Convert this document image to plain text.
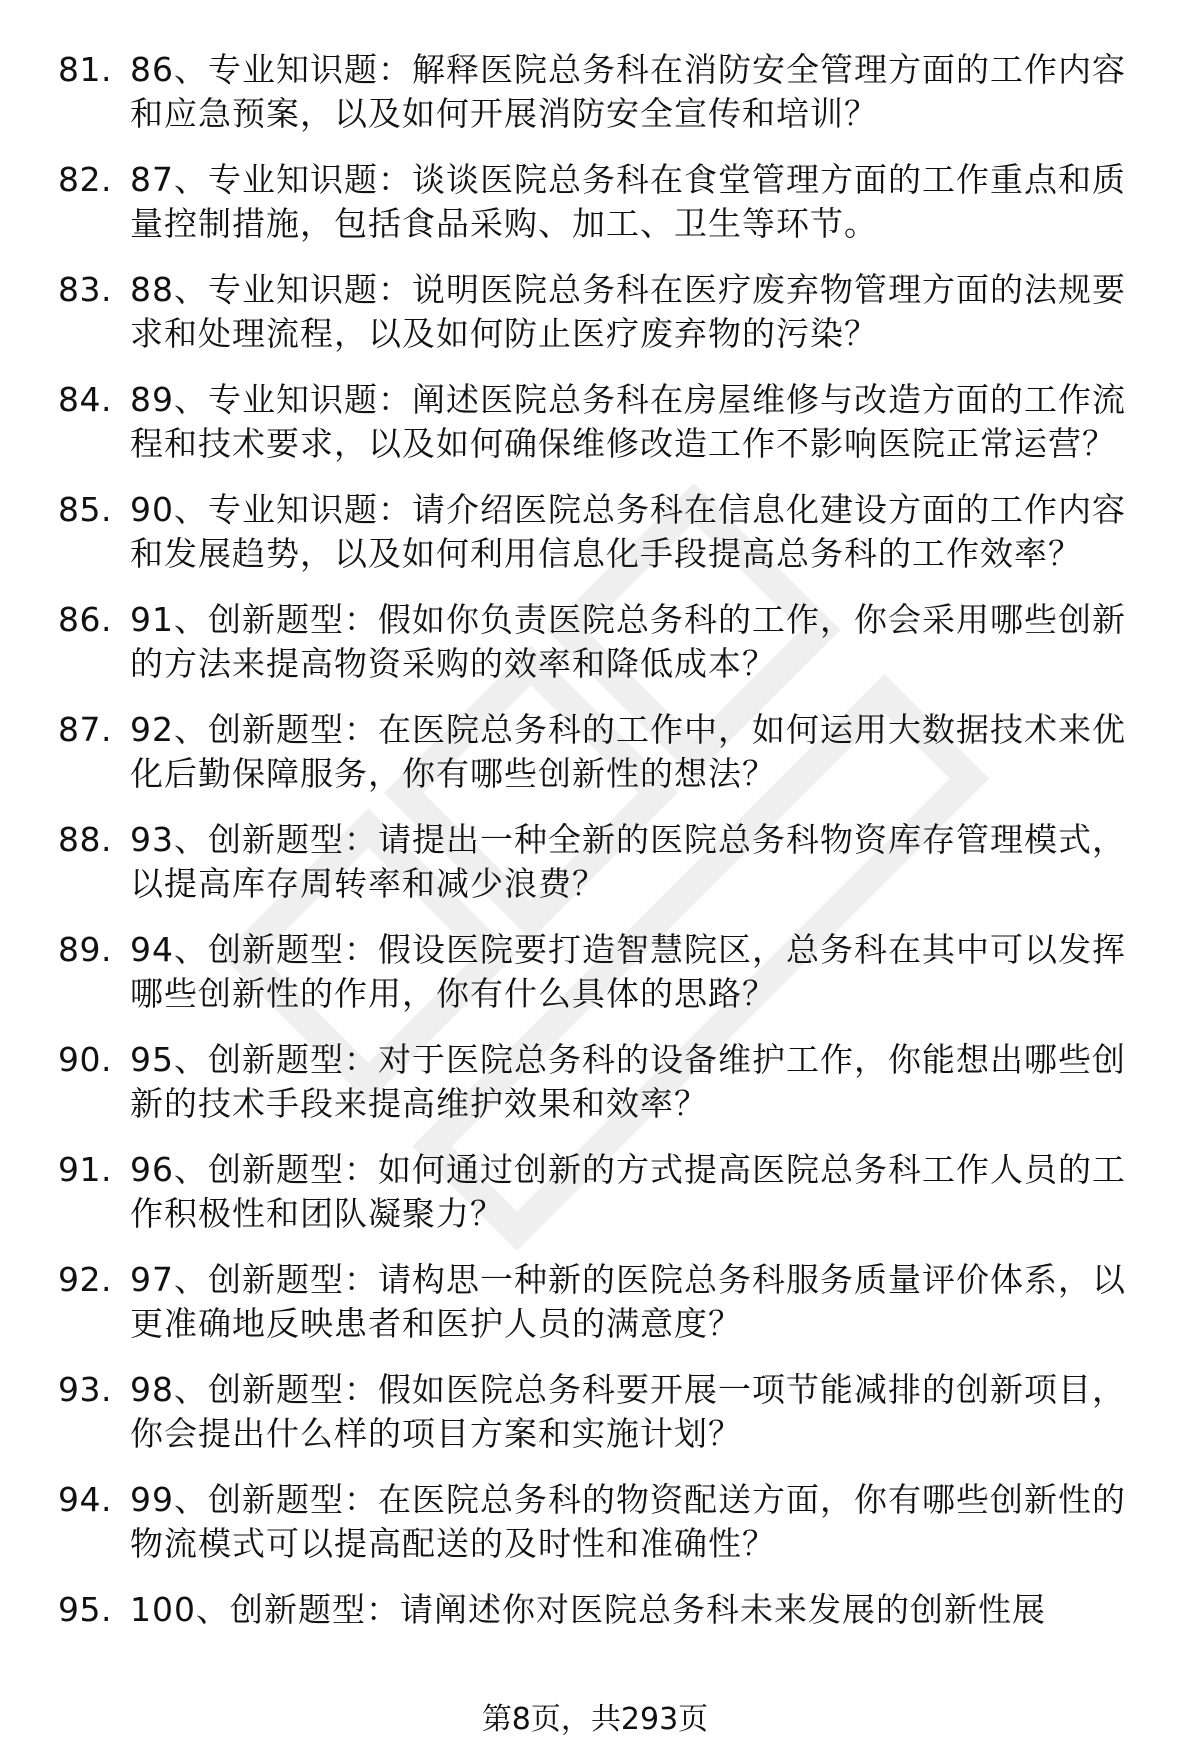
81. 86、专业知识题：解释医院总务科在消防安全管理方面的工作内容和应急预案，以及如何开展消防安全宣传和培训？
82. 87、专业知识题：谈谈医院总务科在食堂管理方面的工作重点和质量控制措施，包括食品采购、加工、卫生等环节。
83. 88、专业知识题：说明医院总务科在医疗废弃物管理方面的法规要求和处理流程，以及如何防止医疗废弃物的污染？
84. 89、专业知识题：阐述医院总务科在房屋维修与改造方面的工作流程和技术要求，以及如何确保维修改造工作不影响医院正常运营？
85. 90、专业知识题：请介绍医院总务科在信息化建设方面的工作内容和发展趋势，以及如何利用信息化手段提高总务科的工作效率？
86. 91、创新题型：假如你负责医院总务科的工作，你会采用哪些创新的方法来提高物资采购的效率和降低成本？
87. 92、创新题型：在医院总务科的工作中，如何运用大数据技术来优化后勤保障服务，你有哪些创新性的想法？
88. 93、创新题型：请提出一种全新的医院总务科物资库存管理模式，以提高库存周转率和减少浪费？
89. 94、创新题型：假设医院要打造智慧院区，总务科在其中可以发挥哪些创新性的作用，你有什么具体的思路？
90. 95、创新题型：对于医院总务科的设备维护工作，你能想出哪些创新的技术手段来提高维护效果和效率？
91. 96、创新题型：如何通过创新的方式提高医院总务科工作人员的工作积极性和团队凝聚力？
92. 97、创新题型：请构思一种新的医院总务科服务质量评价体系，以更准确地反映患者和医护人员的满意度？
93. 98、创新题型：假如医院总务科要开展一项节能减排的创新项目，你会提出什么样的项目方案和实施计划？
94. 99、创新题型：在医院总务科的物资配送方面，你有哪些创新性的物流模式可以提高配送的及时性和准确性？
95. 100、创新题型：请阐述你对医院总务科未来发展的创新性展
第8页，共293页
